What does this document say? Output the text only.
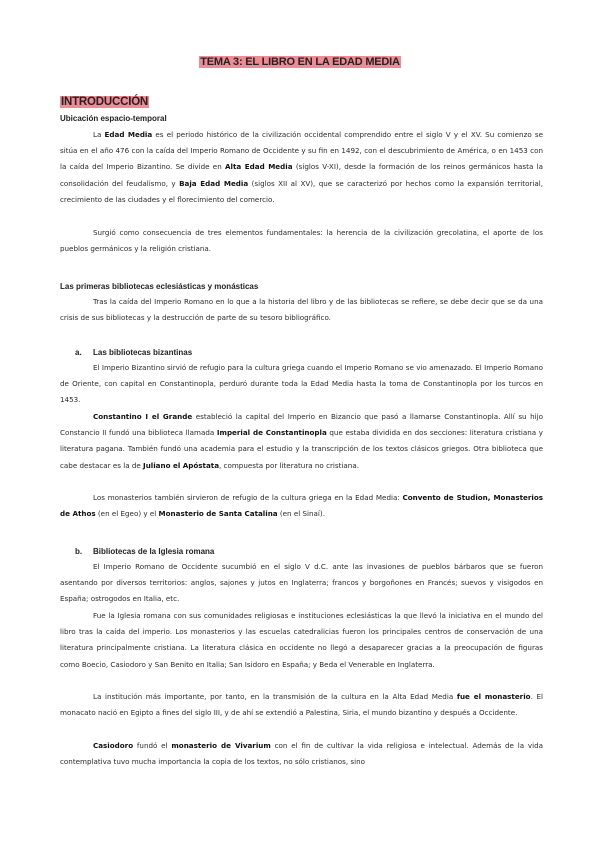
TEMA 3: EL LIBRO EN LA EDAD MEDIA
INTRODUCCIÓN
Ubicación espacio-temporal

La Edad Media es el periodo histórico de la civilización occidental comprendido entre el siglo V y el XV. Su comienzo se sitúa en el año 476 con la caída del Imperio Romano de Occidente y su fin en 1492, con el descubrimiento de América, o en 1453 con la caída del Imperio Bizantino. Se divide en Alta Edad Media (siglos V-XI), desde la formación de los reinos germánicos hasta la consolidación del feudalismo, y Baja Edad Media (siglos XII al XV), que se caracterizó por hechos como la expansión territorial, crecimiento de las ciudades y el florecimiento del comercio.

Surgió como consecuencia de tres elementos fundamentales: la herencia de la civilización grecolatina, el aporte de los pueblos germánicos y la religión cristiana.

Las primeras bibliotecas eclesiásticas y monásticas

Tras la caída del Imperio Romano en lo que a la historia del libro y de las bibliotecas se refiere, se debe decir que se da una crisis de sus bibliotecas y la destrucción de parte de su tesoro bibliográfico.

a. Las bibliotecas bizantinas

El Imperio Bizantino sirvió de refugio para la cultura griega cuando el Imperio Romano se vio amenazado. El Imperio Romano de Oriente, con capital en Constantinopla, perduró durante toda la Edad Media hasta la toma de Constantinopla por los turcos en 1453.

Constantino I el Grande estableció la capital del Imperio en Bizancio que pasó a llamarse Constantinopla. Allí su hijo Constancio II fundó una biblioteca llamada Imperial de Constantinopla que estaba dividida en dos secciones: literatura cristiana y literatura pagana. También fundó una academia para el estudio y la transcripción de los textos clásicos griegos. Otra biblioteca que cabe destacar es la de Juliano el Apóstata, compuesta por literatura no cristiana.

Los monasterios también sirvieron de refugio de la cultura griega en la Edad Media: Convento de Studion, Monasterios de Athos (en el Egeo) y el Monasterio de Santa Catalina (en el Sinaí).

b. Bibliotecas de la Iglesia romana

El Imperio Romano de Occidente sucumbió en el siglo V d.C. ante las invasiones de pueblos bárbaros que se fueron asentando por diversos territorios: anglos, sajones y jutos en Inglaterra; francos y borgoñones en Francés; suevos y visigodos en España; ostrogodos en Italia, etc.

Fue la Iglesia romana con sus comunidades religiosas e instituciones eclesiásticas la que llevó la iniciativa en el mundo del libro tras la caída del imperio. Los monasterios y las escuelas catedralicias fueron los principales centros de conservación de una literatura principalmente cristiana. La literatura clásica en occidente no llegó a desaparecer gracias a la preocupación de figuras como Boecio, Casiodoro y San Benito en Italia; San Isidoro en España; y Beda el Venerable en Inglaterra.

La institución más importante, por tanto, en la transmisión de la cultura en la Alta Edad Media fue el monasterio. El monacato nació en Egipto a fines del siglo III, y de ahí se extendió a Palestina, Siria, el mundo bizantino y después a Occidente.

Casiodoro fundó el monasterio de Vivarium con el fin de cultivar la vida religiosa e intelectual. Además de la vida contemplativa tuvo mucha importancia la copia de los textos, no sólo cristianos, sino
